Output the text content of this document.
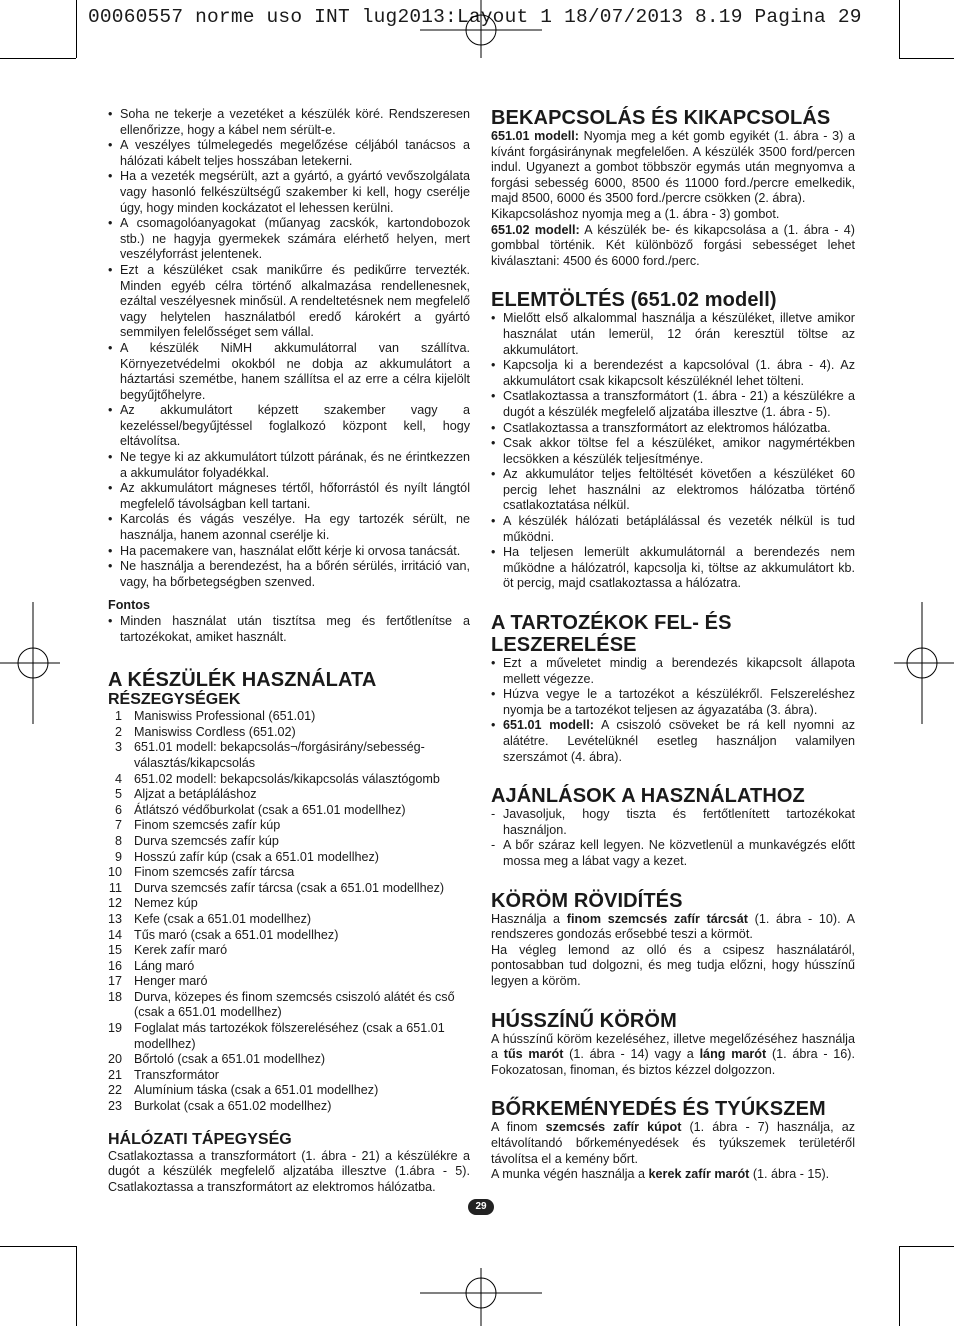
00060557 norme uso INT lug2013:Layout 1 18/07/2013 8.19 Pagina 29
• Soha ne tekerje a vezetéket a készülék köré. Rendszeresen ellenőrizze, hogy a kábel nem sérült-e.
• A veszélyes túlmelegedés megelőzése céljából tanácsos a hálózati kábelt teljes hosszában letekerni.
• Ha a vezeték megsérült, azt a gyártó, a gyártó vevőszolgálata vagy hasonló felkészültségű szakember ki kell, hogy cserélje úgy, hogy minden kockázatot el lehessen kerülni.
• A csomagolóanyagokat (műanyag zacskók, kartondobozok stb.) ne hagyja gyermekek számára elérhető helyen, mert veszélyforrást jelentenek.
• Ezt a készüléket csak manikűrre és pedikűrre tervezték. Minden egyéb célra történő alkalmazása rendellenesnek, ezáltal veszélyesnek minősül. A rendeltetésnek nem megfelelő vagy helytelen használatból eredő károkért a gyártó semmilyen felelősséget sem vállal.
• A készülék NiMH akkumulátorral van szállítva. Környezetvédelmi okokból ne dobja az akkumulátort a háztartási szemétbe, hanem szállítsa el az erre a célra kijelölt begyűjtőhelyre.
• Az akkumulátort képzett szakember vagy a kezeléssel/begyűjtéssel foglalkozó központ kell, hogy eltávolítsa.
• Ne tegye ki az akkumulátort túlzott párának, és ne érintkezzen a akkumulátor folyadékkal.
• Az akkumulátort mágneses tértől, hőforrástól és nyílt lángtól megfelelő távolságban kell tartani.
• Karcolás és vágás veszélye. Ha egy tartozék sérült, ne használja, hanem azonnal cserélje ki.
• Ha pacemakere van, használat előtt kérje ki orvosa tanácsát.
• Ne használja a berendezést, ha a bőrén sérülés, irritáció van, vagy, ha bőrbetegségben szenved.
Fontos
• Minden használat után tisztítsa meg és fertőtlenítse a tartozékokat, amiket használt.
A KÉSZÜLÉK HASZNÁLATA
RÉSZEGYSÉGEK
1 Maniswiss Professional (651.01)
2 Maniswiss Cordless (651.02)
3 651.01 modell: bekapcsolás¬/forgásirány/sebesség-választás/kikapcsolás
4 651.02 modell: bekapcsolás/kikapcsolás választógomb
5 Aljzat a betápláláshoz
6 Átlátszó védőburkolat (csak a 651.01 modellhez)
7 Finom szemcsés zafír kúp
8 Durva szemcsés zafír kúp
9 Hosszú zafír kúp (csak a 651.01 modellhez)
10 Finom szemcsés zafír tárcsa
11 Durva szemcsés zafír tárcsa (csak a 651.01 modellhez)
12 Nemez kúp
13 Kefe (csak a 651.01 modellhez)
14 Tűs maró (csak a 651.01 modellhez)
15 Kerek zafír maró
16 Láng maró
17 Henger maró
18 Durva, közepes és finom szemcsés csiszoló alátét és cső (csak a 651.01 modellhez)
19 Foglalat más tartozékok fölszereléséhez (csak a 651.01 modellhez)
20 Bőrtoló (csak a 651.01 modellhez)
21 Transzformátor
22 Alumínium táska (csak a 651.01 modellhez)
23 Burkolat (csak a 651.02 modellhez)
HÁLÓZATI TÁPEGYSÉG

Csatlakoztassa a transzformátort (1. ábra - 21) a készülékre a dugót a készülék megfelelő aljzatába illesztve (1.ábra - 5). Csatlakoztassa a transzformátort az elektromos hálózatba.

BEKAPCSOLÁS ÉS KIKAPCSOLÁS

651.01 modell: Nyomja meg a két gomb egyikét (1. ábra - 3) a kívánt forgásiránynak megfelelően. A készülék 3500 ford/percen indul. Ugyanezt a gombot többször egymás után megnyomva a forgási sebesség 6000, 8500 és 11000 ford./percre emelkedik, majd 8500, 6000 és 3500 ford./percre csökken (2. ábra).

Kikapcsoláshoz nyomja meg a (1. ábra - 3) gombot.

651.02 modell: A készülék be- és kikapcsolása a (1. ábra - 4) gombbal történik. Két különböző forgási sebességet lehet kiválasztani: 4500 és 6000 ford./perc.

ELEMTÖLTÉS (651.02 modell)
• Mielőtt első alkalommal használja a készüléket, illetve amikor használat után lemerül, 12 órán keresztül töltse az akkumulátort.
• Kapcsolja ki a berendezést a kapcsolóval (1. ábra - 4). Az akkumulátort csak kikapcsolt készüléknél lehet tölteni.
• Csatlakoztassa a transzformátort (1. ábra - 21) a készülékre a dugót a készülék megfelelő aljzatába illesztve (1. ábra - 5).
• Csatlakoztassa a transzformátort az elektromos hálózatba.
• Csak akkor töltse fel a készüléket, amikor nagymértékben lecsökken a készülék teljesítménye.
• Az akkumulátor teljes feltöltését követően a készüléket 60 percig lehet használni az elektromos hálózatba történő csatlakoztatása nélkül.
• A készülék hálózati betáplálással és vezeték nélkül is tud működni.
• Ha teljesen lemerült akkumulátornál a berendezés nem működne a hálózatról, kapcsolja ki, töltse az akkumulátort kb. öt percig, majd csatlakoztassa a hálózatra.
A TARTOZÉKOK FEL- ÉS LESZERELÉSE
• Ezt a műveletet mindig a berendezés kikapcsolt állapota mellett végezze.
• Húzva vegye le a tartozékot a készülékről. Felszereléshez nyomja be a tartozékot teljesen az ágyazatába (3. ábra).
• 651.01 modell: A csiszoló csöveket be rá kell nyomni az alátétre. Levételüknél esetleg használjon valamilyen szerszámot (4. ábra).
AJÁNLÁSOK A HASZNÁLATHOZ
- Javasoljuk, hogy tiszta és fertőtlenített tartozékokat használjon.
- A bőr száraz kell legyen. Ne közvetlenül a munkavégzés előtt mossa meg a lábat vagy a kezet.
KÖRÖM RÖVIDÍTÉS

Használja a finom szemcsés zafír tárcsát (1. ábra - 10). A rendszeres gondozás erősebbé teszi a körmöt.

Ha végleg lemond az olló és a csipesz használatáról, pontosabban tud dolgozni, és meg tudja előzni, hogy hússzínű legyen a köröm.

HÚSSZÍNŰ KÖRÖM

A hússzínű köröm kezeléséhez, illetve megelőzéséhez használja a tűs marót (1. ábra - 14) vagy a láng marót (1. ábra - 16). Fokozatosan, finoman, és biztos kézzel dolgozzon.

BŐRKEMÉNYEDÉS ÉS TYÚKSZEM

A finom szemcsés zafír kúpot (1. ábra - 7) használja, az eltávolítandó bőrkeményedések és tyúkszemek területéről távolítsa el a kemény bőrt.

A munka végén használja a kerek zafír marót (1. ábra - 15).

29
